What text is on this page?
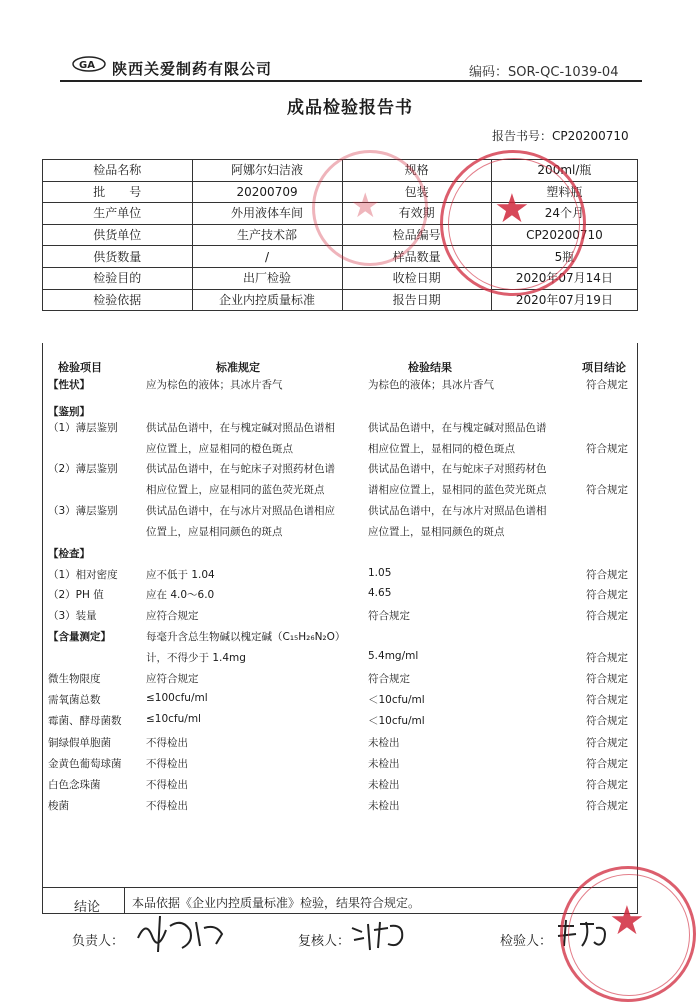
GA 陕西关爱制药有限公司	编码：SOR-QC-1039-04
成品检验报告书
报告书号：CP20200710
检品名称	阿娜尔妇洁液	规格	200ml/瓶
批　　号	20200709	包装	塑料瓶
生产单位	外用液体车间	有效期	24个月
供货单位	生产技术部	检品编号	CP20200710
供货数量	/	样品数量	5瓶
检验目的	出厂检验	收检日期	2020年07月14日
检验依据	企业内控质量标准	报告日期	2020年07月19日
检验项目	标准规定	检验结果	项目结论
【性状】	应为棕色的液体；具冰片香气	为棕色的液体；具冰片香气	符合规定
【鉴别】
（1）薄层鉴别	供试品色谱中，在与槐定碱对照品色谱相	供试品色谱中，在与槐定碱对照品色谱
应位置上，应显相同的橙色斑点	相应位置上，显相同的橙色斑点	符合规定
（2）薄层鉴别	供试品色谱中，在与蛇床子对照药材色谱	供试品色谱中，在与蛇床子对照药材色
相应位置上，应显相同的蓝色荧光斑点	谱相应位置上，显相同的蓝色荧光斑点	符合规定
（3）薄层鉴别	供试品色谱中，在与冰片对照品色谱相应	供试品色谱中，在与冰片对照品色谱相
位置上，应显相同颜色的斑点	应位置上，显相同颜色的斑点
【检查】
（1）相对密度	应不低于 1.04	1.05	符合规定
（2）PH 值	应在 4.0～6.0	4.65	符合规定
（3）装量	应符合规定	符合规定	符合规定
【含量测定】	每毫升含总生物碱以槐定碱（C₁₅H₂₆N₂O）
计，不得少于 1.4mg	5.4mg/ml	符合规定
微生物限度	应符合规定	符合规定	符合规定
需氧菌总数	≤100cfu/ml	＜10cfu/ml	符合规定
霉菌、酵母菌数 ≤10cfu/ml	＜10cfu/ml	符合规定
铜绿假单胞菌	不得检出	未检出	符合规定
金黄色葡萄球菌 不得检出	未检出	符合规定
白色念珠菌	不得检出	未检出	符合规定
梭菌	不得检出	未检出	符合规定
结论	本品依据《企业内控质量标准》检验，结果符合规定。
负责人：	复核人：	检验人：
★	★
★
